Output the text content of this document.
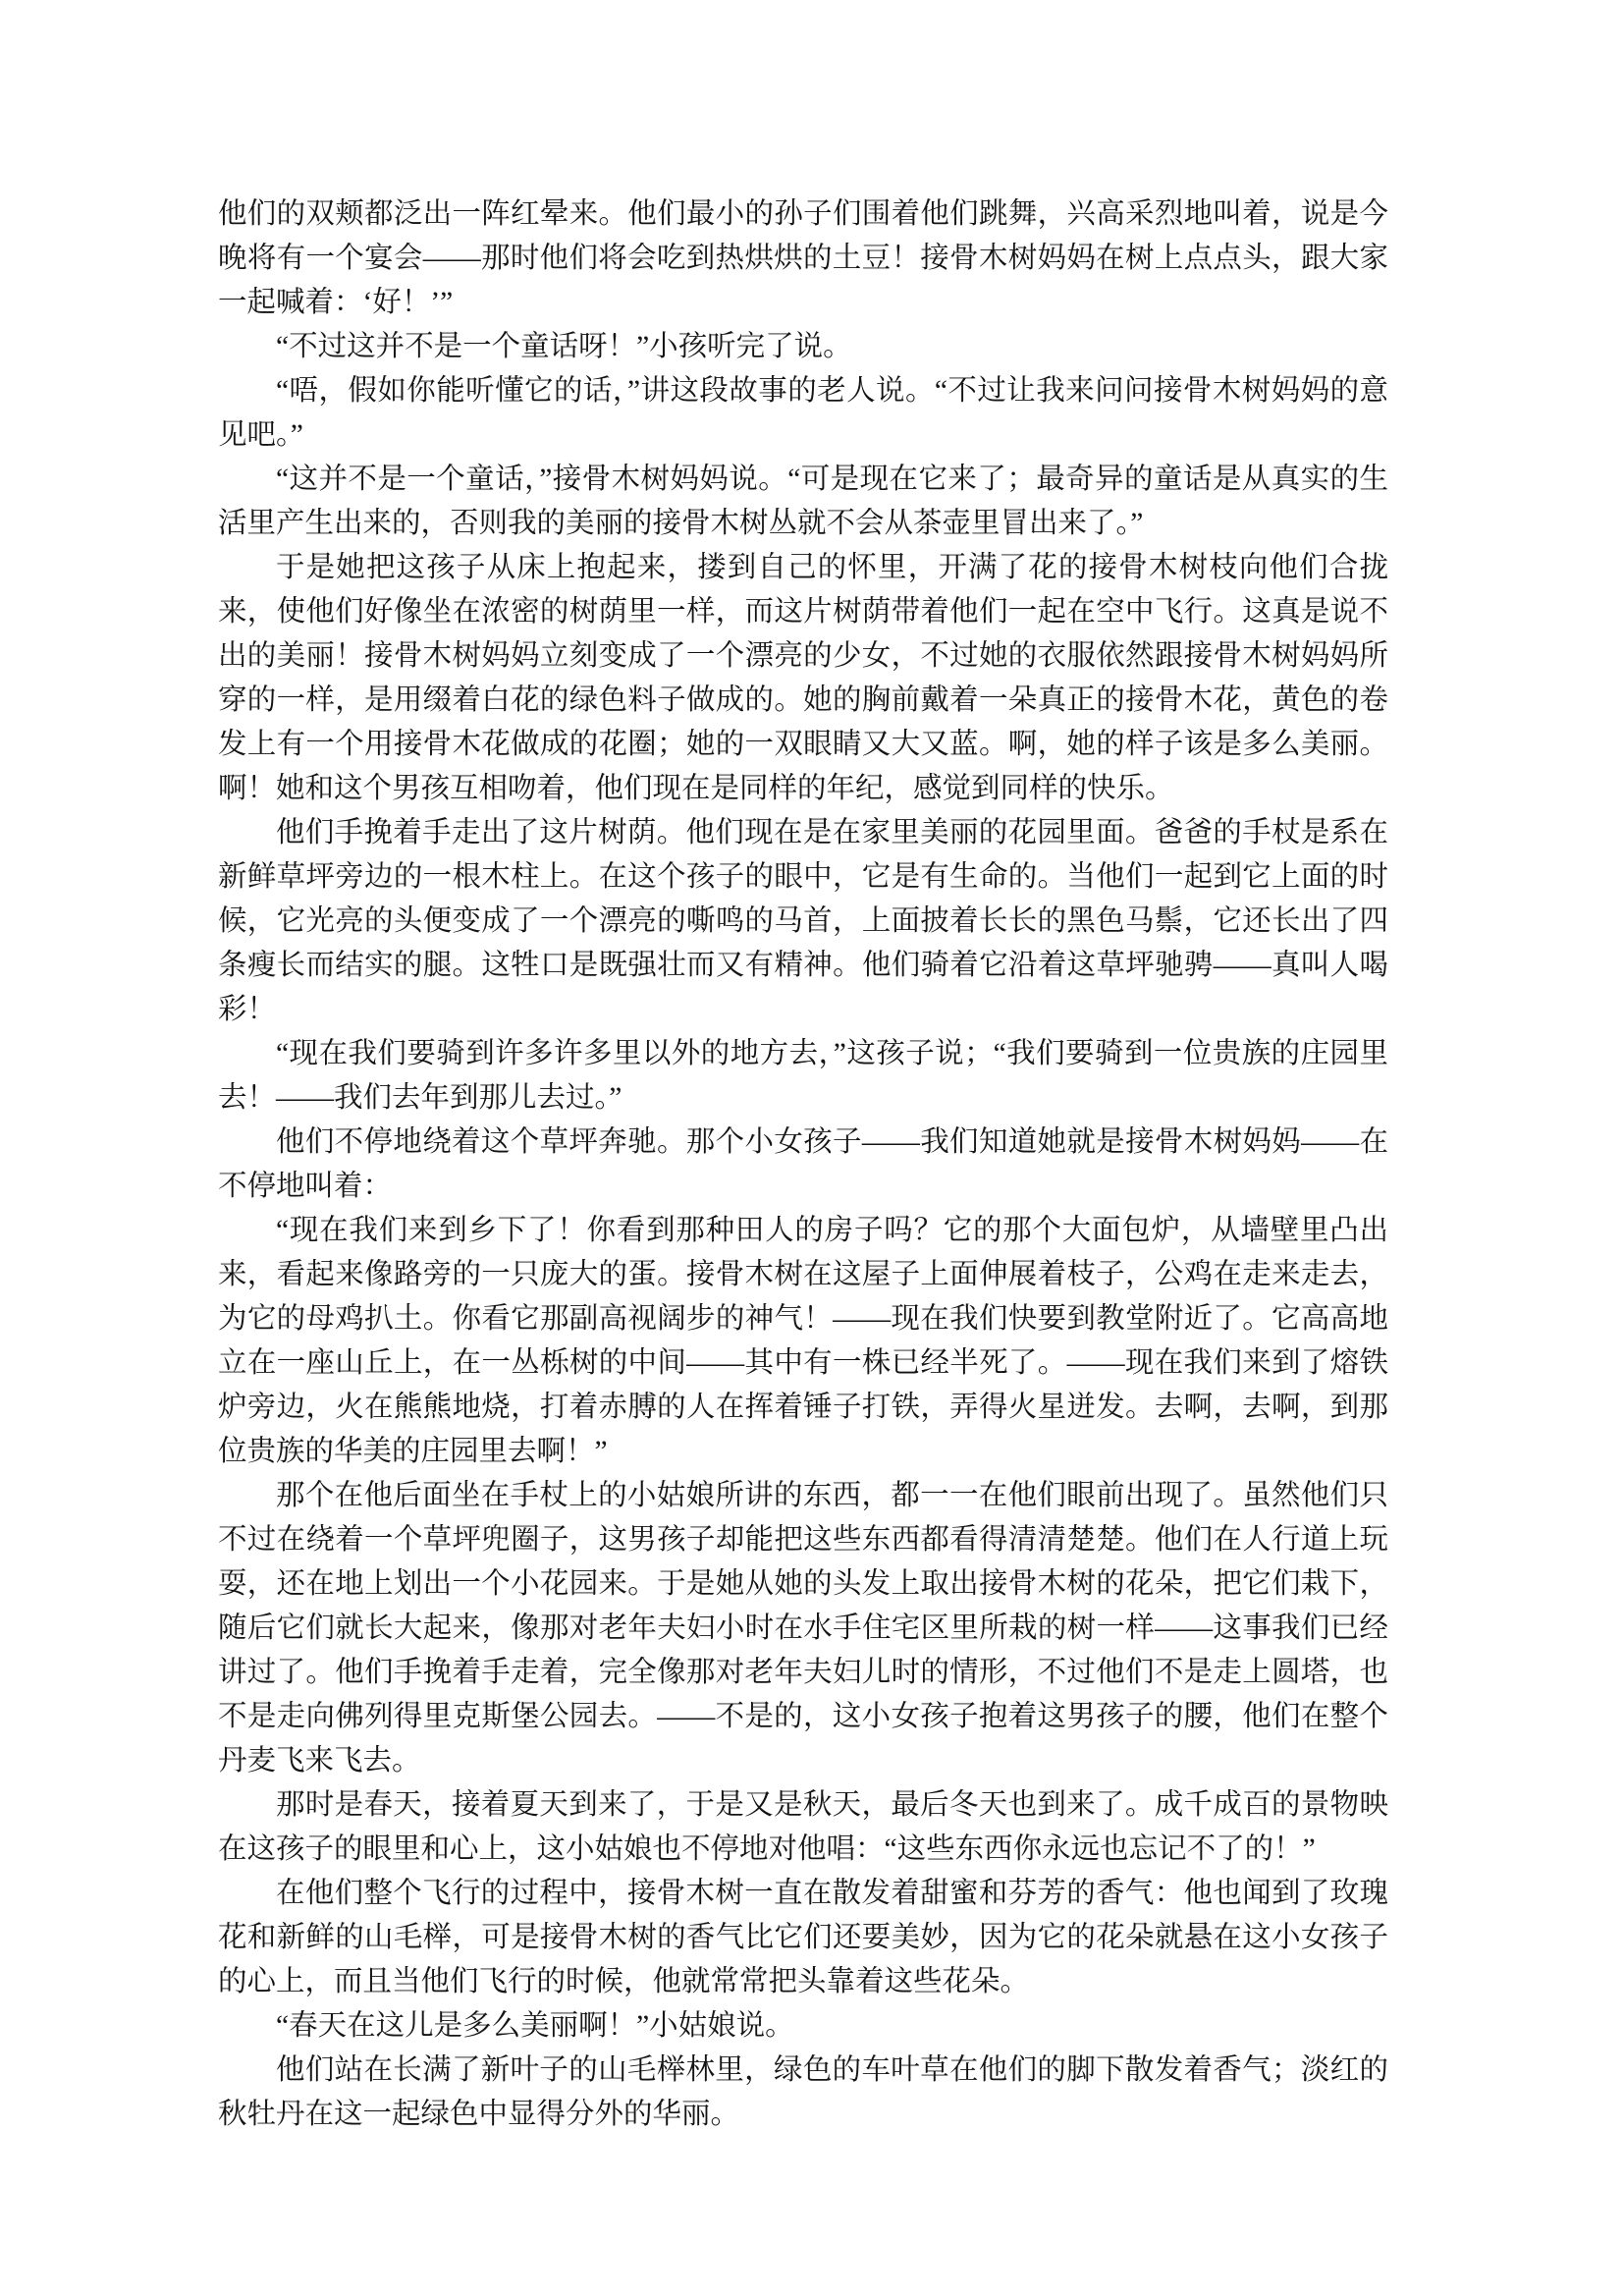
他们的双颊都泛出一阵红晕来。他们最小的孙子们围着他们跳舞，兴高采烈地叫着，说是今晚将有一个宴会——那时他们将会吃到热烘烘的土豆！接骨木树妈妈在树上点点头，跟大家一起喊着：‘好！’”

“不过这并不是一个童话呀！”小孩听完了说。

“唔，假如你能听懂它的话，”讲这段故事的老人说。“不过让我来问问接骨木树妈妈的意见吧。”

“这并不是一个童话，”接骨木树妈妈说。“可是现在它来了；最奇异的童话是从真实的生活里产生出来的，否则我的美丽的接骨木树丛就不会从茶壶里冒出来了。”

于是她把这孩子从床上抱起来，搂到自己的怀里，开满了花的接骨木树枝向他们合拢来，使他们好像坐在浓密的树荫里一样，而这片树荫带着他们一起在空中飞行。这真是说不出的美丽！接骨木树妈妈立刻变成了一个漂亮的少女，不过她的衣服依然跟接骨木树妈妈所穿的一样，是用缀着白花的绿色料子做成的。她的胸前戴着一朵真正的接骨木花，黄色的卷发上有一个用接骨木花做成的花圈；她的一双眼睛又大又蓝。啊，她的样子该是多么美丽。啊！她和这个男孩互相吻着，他们现在是同样的年纪，感觉到同样的快乐。

他们手挽着手走出了这片树荫。他们现在是在家里美丽的花园里面。爸爸的手杖是系在新鲜草坪旁边的一根木柱上。在这个孩子的眼中，它是有生命的。当他们一起到它上面的时候，它光亮的头便变成了一个漂亮的嘶鸣的马首，上面披着长长的黑色马鬃，它还长出了四条瘦长而结实的腿。这牲口是既强壮而又有精神。他们骑着它沿着这草坪驰骋——真叫人喝彩！

“现在我们要骑到许多许多里以外的地方去，”这孩子说；“我们要骑到一位贵族的庄园里去！——我们去年到那儿去过。”

他们不停地绕着这个草坪奔驰。那个小女孩子——我们知道她就是接骨木树妈妈——在不停地叫着：

“现在我们来到乡下了！你看到那种田人的房子吗？它的那个大面包炉，从墙壁里凸出来，看起来像路旁的一只庞大的蛋。接骨木树在这屋子上面伸展着枝子，公鸡在走来走去，为它的母鸡扒土。你看它那副高视阔步的神气！——现在我们快要到教堂附近了。它高高地立在一座山丘上，在一丛栎树的中间——其中有一株已经半死了。——现在我们来到了熔铁炉旁边，火在熊熊地烧，打着赤膊的人在挥着锤子打铁，弄得火星迸发。去啊，去啊，到那位贵族的华美的庄园里去啊！”

那个在他后面坐在手杖上的小姑娘所讲的东西，都一一在他们眼前出现了。虽然他们只不过在绕着一个草坪兜圈子，这男孩子却能把这些东西都看得清清楚楚。他们在人行道上玩耍，还在地上划出一个小花园来。于是她从她的头发上取出接骨木树的花朵，把它们栽下，随后它们就长大起来，像那对老年夫妇小时在水手住宅区里所栽的树一样——这事我们已经讲过了。他们手挽着手走着，完全像那对老年夫妇儿时的情形，不过他们不是走上圆塔，也不是走向佛列得里克斯堡公园去。——不是的，这小女孩子抱着这男孩子的腰，他们在整个丹麦飞来飞去。

那时是春天，接着夏天到来了，于是又是秋天，最后冬天也到来了。成千成百的景物映在这孩子的眼里和心上，这小姑娘也不停地对他唱：“这些东西你永远也忘记不了的！”

在他们整个飞行的过程中，接骨木树一直在散发着甜蜜和芬芳的香气：他也闻到了玫瑰花和新鲜的山毛榉，可是接骨木树的香气比它们还要美妙，因为它的花朵就悬在这小女孩子的心上，而且当他们飞行的时候，他就常常把头靠着这些花朵。

“春天在这儿是多么美丽啊！”小姑娘说。

他们站在长满了新叶子的山毛榉林里，绿色的车叶草在他们的脚下散发着香气；淡红的秋牡丹在这一起绿色中显得分外的华丽。
